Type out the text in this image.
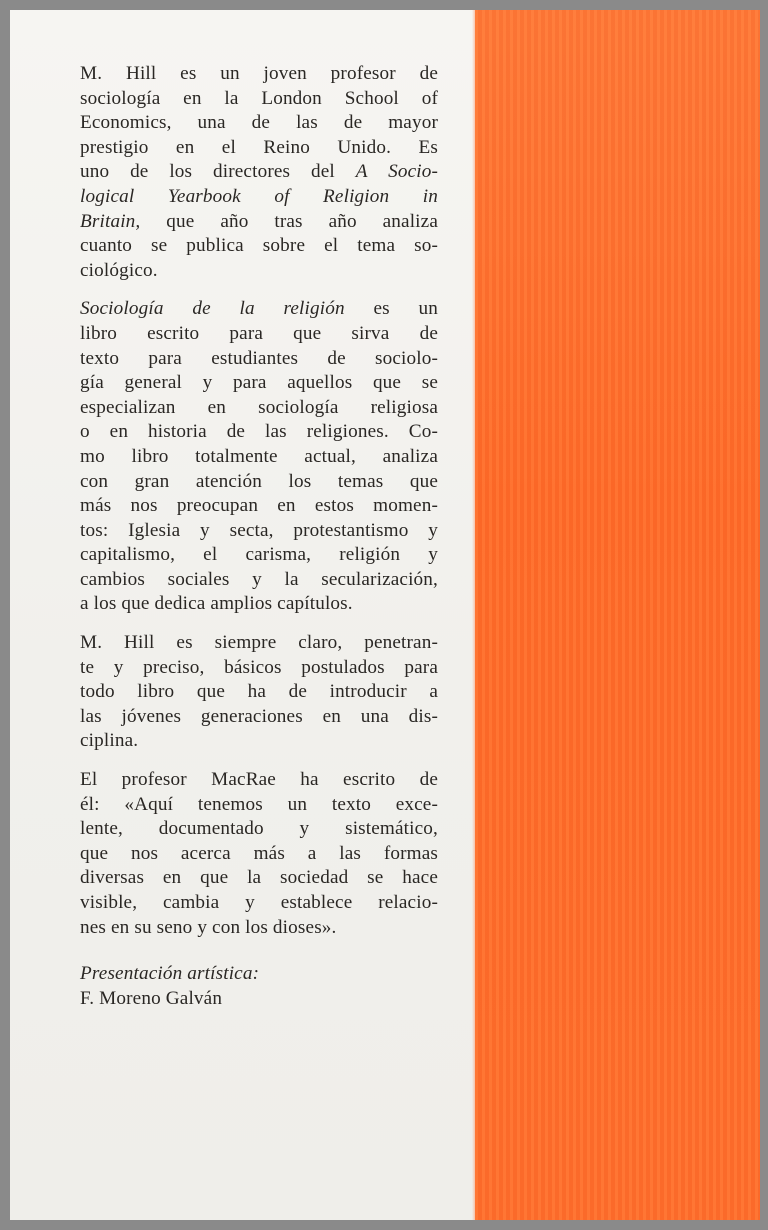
M. Hill es un joven profesor de
sociología en la London School of
Economics, una de las de mayor
prestigio en el Reino Unido. Es
uno de los directores del A Socio-
logical Yearbook of Religion in
Britain, que año tras año analiza
cuanto se publica sobre el tema so-
ciológico.

Sociología de la religión es un
libro escrito para que sirva de
texto para estudiantes de sociolo-
gía general y para aquellos que se
especializan en sociología religiosa
o en historia de las religiones. Co-
mo libro totalmente actual, analiza
con gran atención los temas que
más nos preocupan en estos momen-
tos: Iglesia y secta, protestantismo y
capitalismo, el carisma, religión y
cambios sociales y la secularización,
a los que dedica amplios capítulos.

M. Hill es siempre claro, penetran-
te y preciso, básicos postulados para
todo libro que ha de introducir a
las jóvenes generaciones en una dis-
ciplina.

El profesor MacRae ha escrito de
él: «Aquí tenemos un texto exce-
lente, documentado y sistemático,
que nos acerca más a las formas
diversas en que la sociedad se hace
visible, cambia y establece relacio-
nes en su seno y con los dioses».

Presentación artística:
F. Moreno Galván
